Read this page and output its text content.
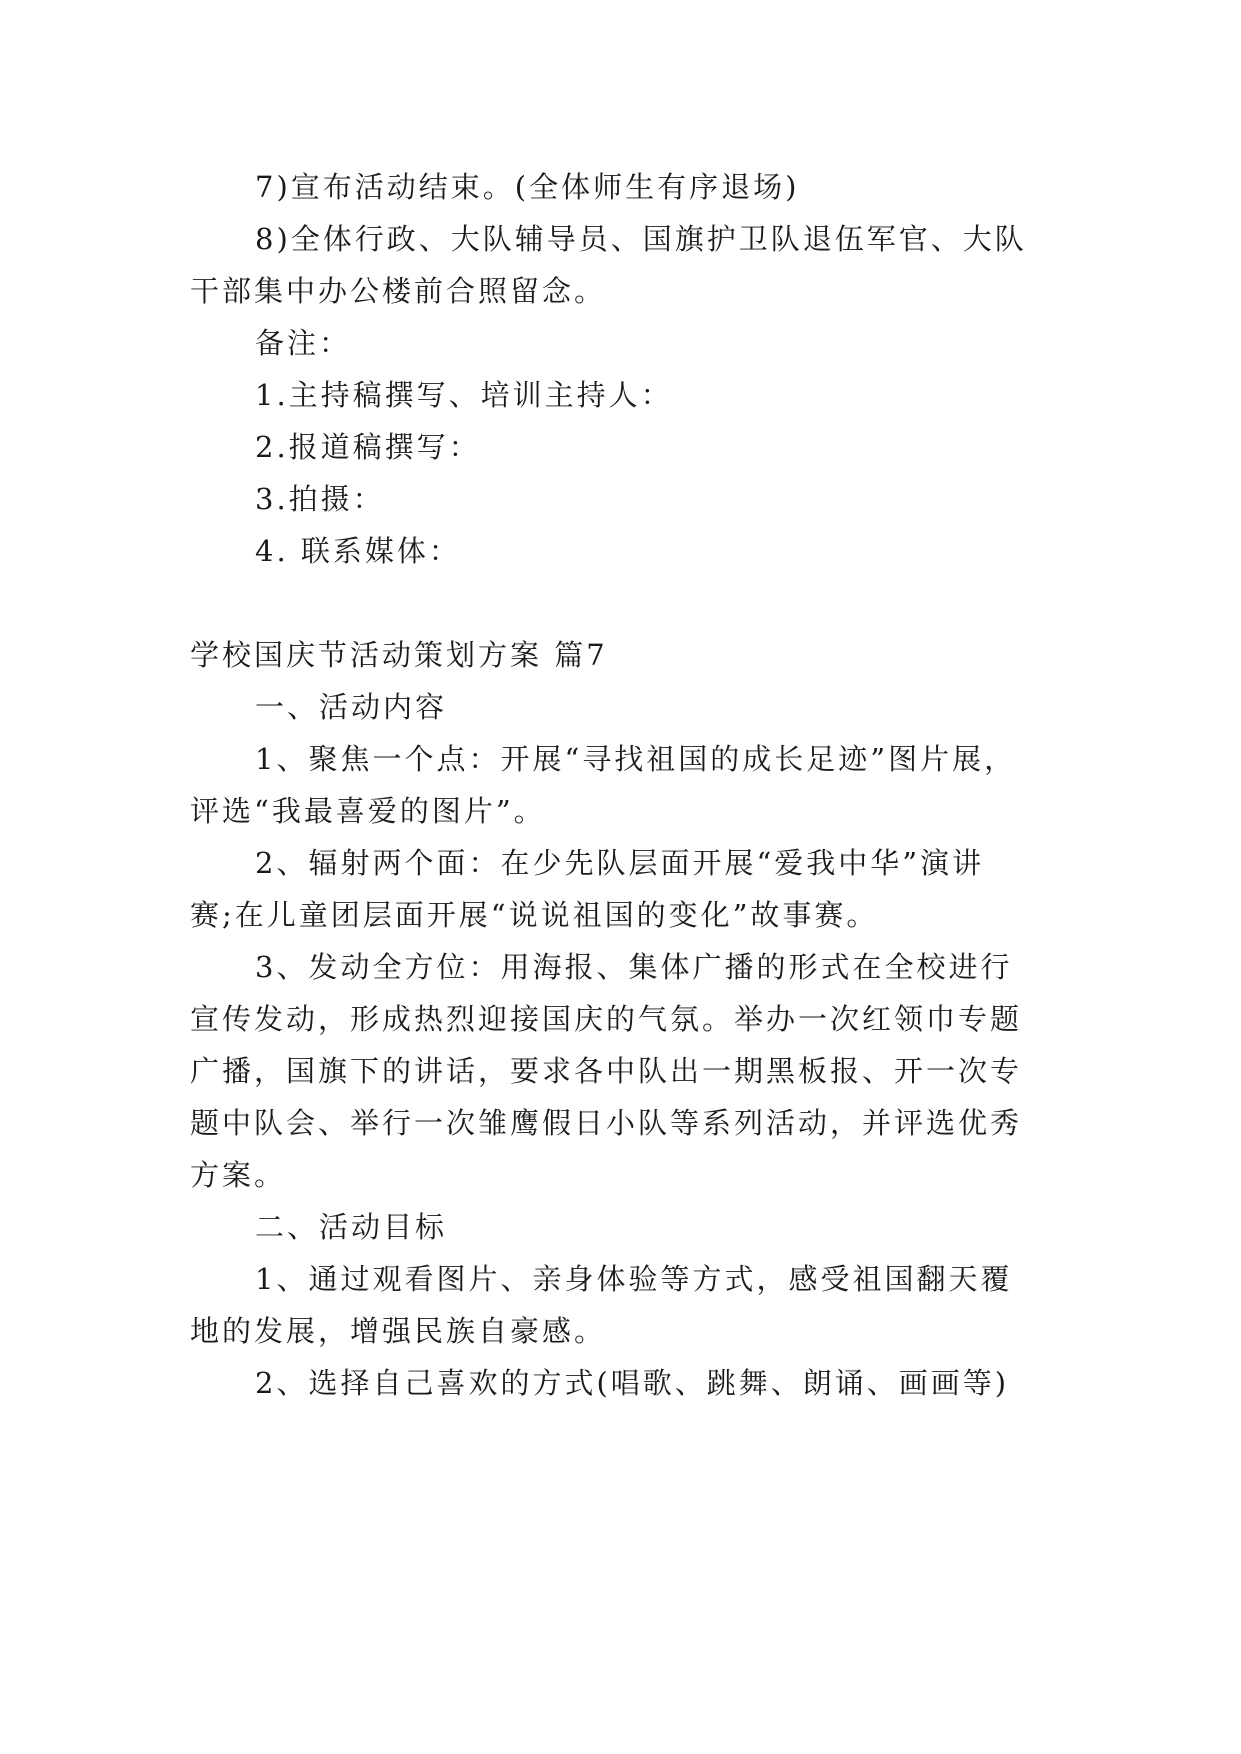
7)宣布活动结束。(全体师生有序退场)
8)全体行政、大队辅导员、国旗护卫队退伍军官、大队
干部集中办公楼前合照留念。
备注：
1.主持稿撰写、培训主持人：
2.报道稿撰写：
3.拍摄：
4. 联系媒体：
学校国庆节活动策划方案 篇7
一、活动内容
1、聚焦一个点：开展“寻找祖国的成长足迹”图片展，
评选“我最喜爱的图片”。
2、辐射两个面：在少先队层面开展“爱我中华”演讲
赛;在儿童团层面开展“说说祖国的变化”故事赛。
3、发动全方位：用海报、集体广播的形式在全校进行
宣传发动，形成热烈迎接国庆的气氛。举办一次红领巾专题
广播，国旗下的讲话，要求各中队出一期黑板报、开一次专
题中队会、举行一次雏鹰假日小队等系列活动，并评选优秀
方案。
二、活动目标
1、通过观看图片、亲身体验等方式，感受祖国翻天覆
地的发展，增强民族自豪感。
2、选择自己喜欢的方式(唱歌、跳舞、朗诵、画画等)
